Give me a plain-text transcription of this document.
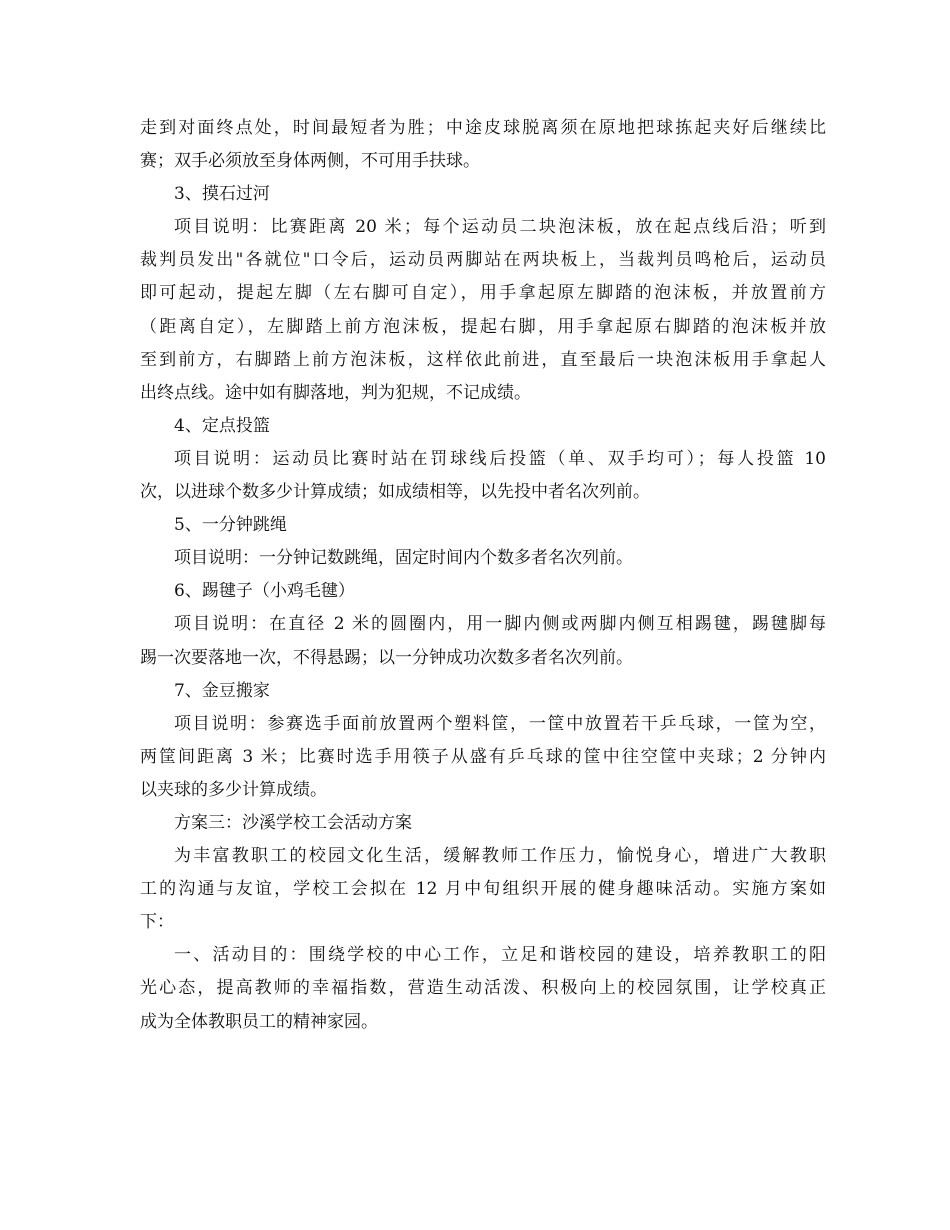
走到对面终点处，时间最短者为胜；中途皮球脱离须在原地把球拣起夹好后继续比
赛；双手必须放至身体两侧，不可用手扶球。
3、摸石过河
项目说明：比赛距离 20 米；每个运动员二块泡沫板，放在起点线后沿；听到
裁判员发出"各就位"口令后，运动员两脚站在两块板上，当裁判员鸣枪后，运动员
即可起动，提起左脚（左右脚可自定），用手拿起原左脚踏的泡沫板，并放置前方
（距离自定），左脚踏上前方泡沫板，提起右脚，用手拿起原右脚踏的泡沫板并放
至到前方，右脚踏上前方泡沫板，这样依此前进，直至最后一块泡沫板用手拿起人
出终点线。途中如有脚落地，判为犯规，不记成绩。
4、定点投篮
项目说明：运动员比赛时站在罚球线后投篮（单、双手均可）；每人投篮 10
次，以进球个数多少计算成绩；如成绩相等，以先投中者名次列前。
5、一分钟跳绳
项目说明：一分钟记数跳绳，固定时间内个数多者名次列前。
6、踢毽子（小鸡毛毽）
项目说明：在直径 2 米的圆圈内，用一脚内侧或两脚内侧互相踢毽，踢毽脚每
踢一次要落地一次，不得悬踢；以一分钟成功次数多者名次列前。
7、金豆搬家
项目说明：参赛选手面前放置两个塑料筐，一筐中放置若干乒乓球，一筐为空，
两筐间距离 3 米；比赛时选手用筷子从盛有乒乓球的筐中往空筐中夹球；2 分钟内
以夹球的多少计算成绩。
方案三：沙溪学校工会活动方案
为丰富教职工的校园文化生活，缓解教师工作压力，愉悦身心，增进广大教职
工的沟通与友谊，学校工会拟在 12 月中旬组织开展的健身趣味活动。实施方案如
下：
一、活动目的：围绕学校的中心工作，立足和谐校园的建设，培养教职工的阳
光心态，提高教师的幸福指数，营造生动活泼、积极向上的校园氛围，让学校真正
成为全体教职员工的精神家园。
